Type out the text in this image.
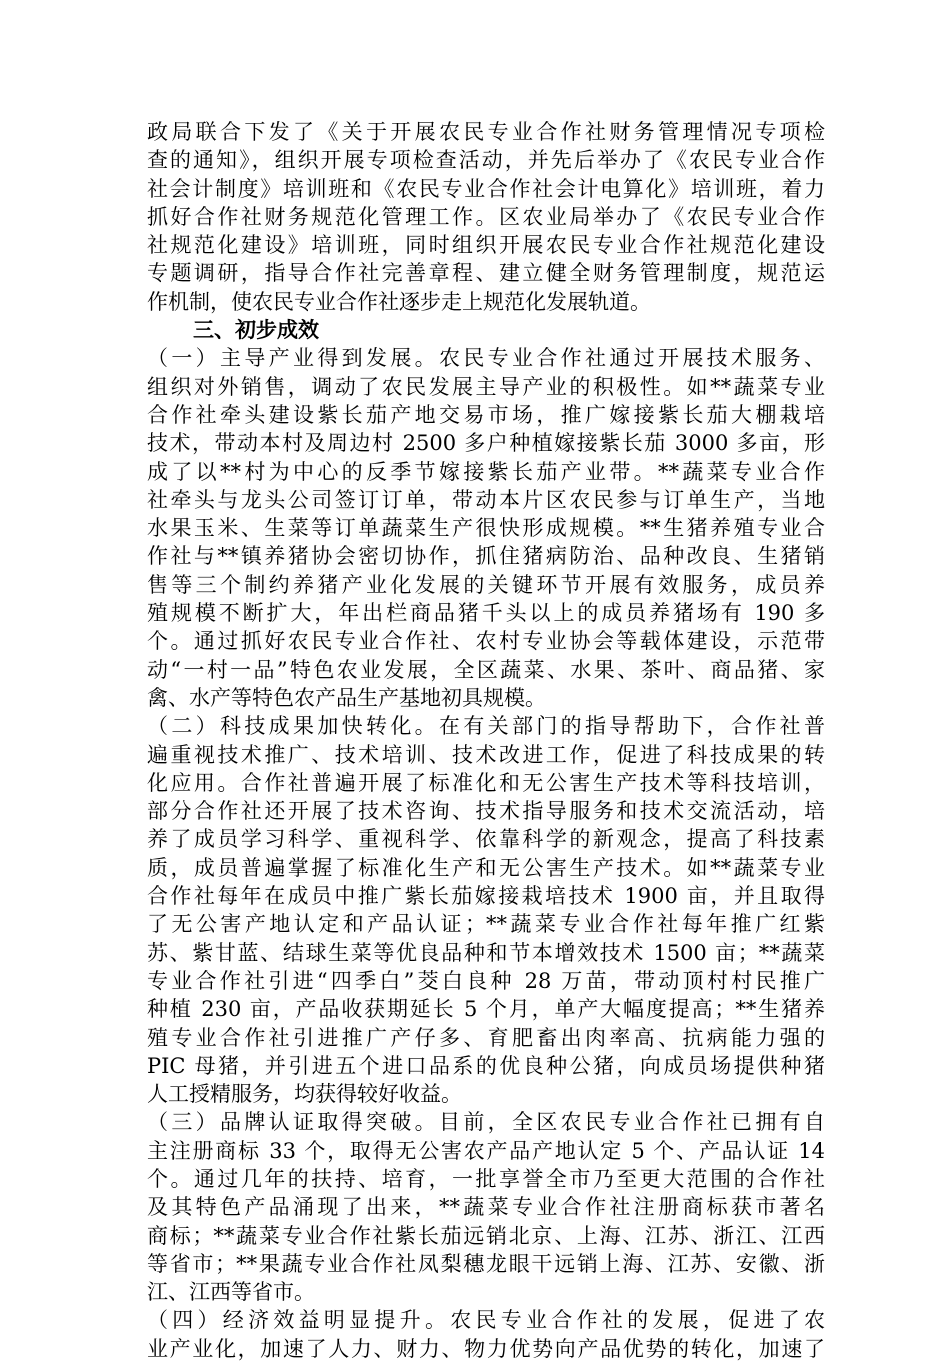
政局联合下发了《关于开展农民专业合作社财务管理情况专项检
查的通知》，组织开展专项检查活动，并先后举办了《农民专业合作
社会计制度》培训班和《农民专业合作社会计电算化》培训班，着力
抓好合作社财务规范化管理工作。区农业局举办了《农民专业合作
社规范化建设》培训班，同时组织开展农民专业合作社规范化建设
专题调研，指导合作社完善章程、建立健全财务管理制度，规范运
作机制，使农民专业合作社逐步走上规范化发展轨道。
三、初步成效
（一）主导产业得到发展。农民专业合作社通过开展技术服务、
组织对外销售，调动了农民发展主导产业的积极性。如**蔬菜专业
合作社牵头建设紫长茄产地交易市场，推广嫁接紫长茄大棚栽培
技术，带动本村及周边村 2500 多户种植嫁接紫长茄 3000 多亩，形
成了以**村为中心的反季节嫁接紫长茄产业带。**蔬菜专业合作
社牵头与龙头公司签订订单，带动本片区农民参与订单生产，当地
水果玉米、生菜等订单蔬菜生产很快形成规模。**生猪养殖专业合
作社与**镇养猪协会密切协作，抓住猪病防治、品种改良、生猪销
售等三个制约养猪产业化发展的关键环节开展有效服务，成员养
殖规模不断扩大，年出栏商品猪千头以上的成员养猪场有 190 多
个。通过抓好农民专业合作社、农村专业协会等载体建设，示范带
动“一村一品”特色农业发展，全区蔬菜、水果、茶叶、商品猪、家
禽、水产等特色农产品生产基地初具规模。
（二）科技成果加快转化。在有关部门的指导帮助下，合作社普
遍重视技术推广、技术培训、技术改进工作，促进了科技成果的转
化应用。合作社普遍开展了标准化和无公害生产技术等科技培训，
部分合作社还开展了技术咨询、技术指导服务和技术交流活动，培
养了成员学习科学、重视科学、依靠科学的新观念，提高了科技素
质，成员普遍掌握了标准化生产和无公害生产技术。如**蔬菜专业
合作社每年在成员中推广紫长茄嫁接栽培技术 1900 亩，并且取得
了无公害产地认定和产品认证；**蔬菜专业合作社每年推广红紫
苏、紫甘蓝、结球生菜等优良品种和节本增效技术 1500 亩；**蔬菜
专业合作社引进“四季白”茭白良种 28 万苗，带动顶村村民推广
种植 230 亩，产品收获期延长 5 个月，单产大幅度提高；**生猪养
殖专业合作社引进推广产仔多、育肥畜出肉率高、抗病能力强的
PIC 母猪，并引进五个进口品系的优良种公猪，向成员场提供种猪
人工授精服务，均获得较好收益。
（三）品牌认证取得突破。目前，全区农民专业合作社已拥有自
主注册商标 33 个，取得无公害农产品产地认定 5 个、产品认证 14
个。通过几年的扶持、培育，一批享誉全市乃至更大范围的合作社
及其特色产品涌现了出来，**蔬菜专业合作社注册商标获市著名
商标；**蔬菜专业合作社紫长茄远销北京、上海、江苏、浙江、江西
等省市；**果蔬专业合作社凤梨穗龙眼干远销上海、江苏、安徽、浙
江、江西等省市。
（四）经济效益明显提升。农民专业合作社的发展，促进了农
业产业化，加速了人力、财力、物力优势向产品优势的转化，加速了
